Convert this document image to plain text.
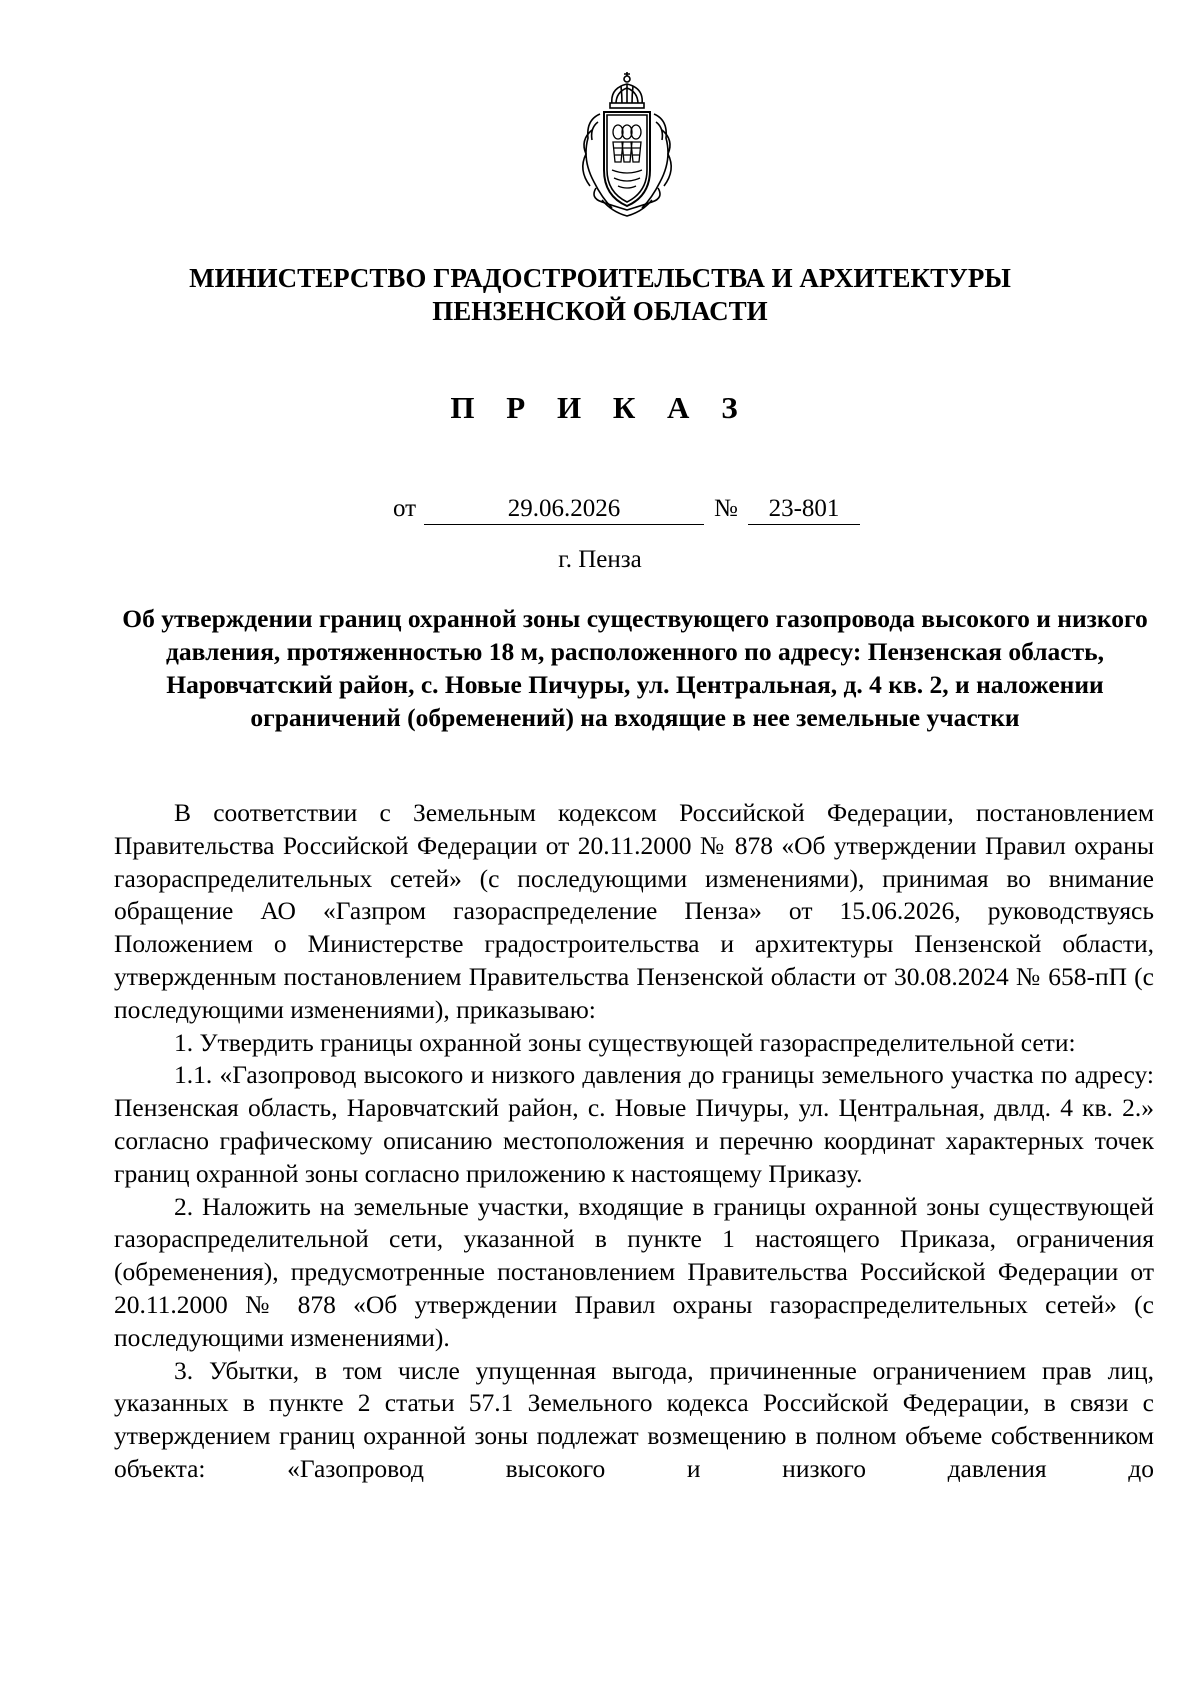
МИНИСТЕРСТВО ГРАДОСТРОИТЕЛЬСТВА И АРХИТЕКТУРЫ
ПЕНЗЕНСКОЙ ОБЛАСТИ
П Р И К А З
от	29.06.2026	№	23-801
г. Пенза
Об утверждении границ охранной зоны существующего газопровода высокого и низкого давления, протяженностью 18 м, расположенного по адресу: Пензенская область, Наровчатский район, с. Новые Пичуры, ул. Центральная, д. 4 кв. 2, и наложении ограничений (обременений) на входящие в нее земельные участки

В соответствии с Земельным кодексом Российской Федерации, постановлением Правительства Российской Федерации от 20.11.2000 № 878 «Об утверждении Правил охраны газораспределительных сетей» (с последующими изменениями), принимая во внимание обращение АО «Газпром газораспределение Пенза» от 15.06.2026, руководствуясь Положением о Министерстве градостроительства и архитектуры Пензенской области, утвержденным постановлением Правительства Пензенской области от 30.08.2024 № 658-пП (с последующими изменениями), приказываю:

1. Утвердить границы охранной зоны существующей газораспределительной сети:

1.1. «Газопровод высокого и низкого давления до границы земельного участка по адресу: Пензенская область, Наровчатский район, с. Новые Пичуры, ул. Центральная, двлд. 4 кв. 2.» согласно графическому описанию местоположения и перечню координат характерных точек границ охранной зоны согласно приложению к настоящему Приказу.

2. Наложить на земельные участки, входящие в границы охранной зоны существующей газораспределительной сети, указанной в пункте 1 настоящего Приказа, ограничения (обременения), предусмотренные постановлением Правительства Российской Федерации от 20.11.2000 № 878 «Об утверждении Правил охраны газораспределительных сетей» (с последующими изменениями).

3. Убытки, в том числе упущенная выгода, причиненные ограничением прав лиц, указанных в пункте 2 статьи 57.1 Земельного кодекса Российской Федерации, в связи с утверждением границ охранной зоны подлежат возмещению в полном объеме собственником объекта: «Газопровод высокого и низкого давления до
